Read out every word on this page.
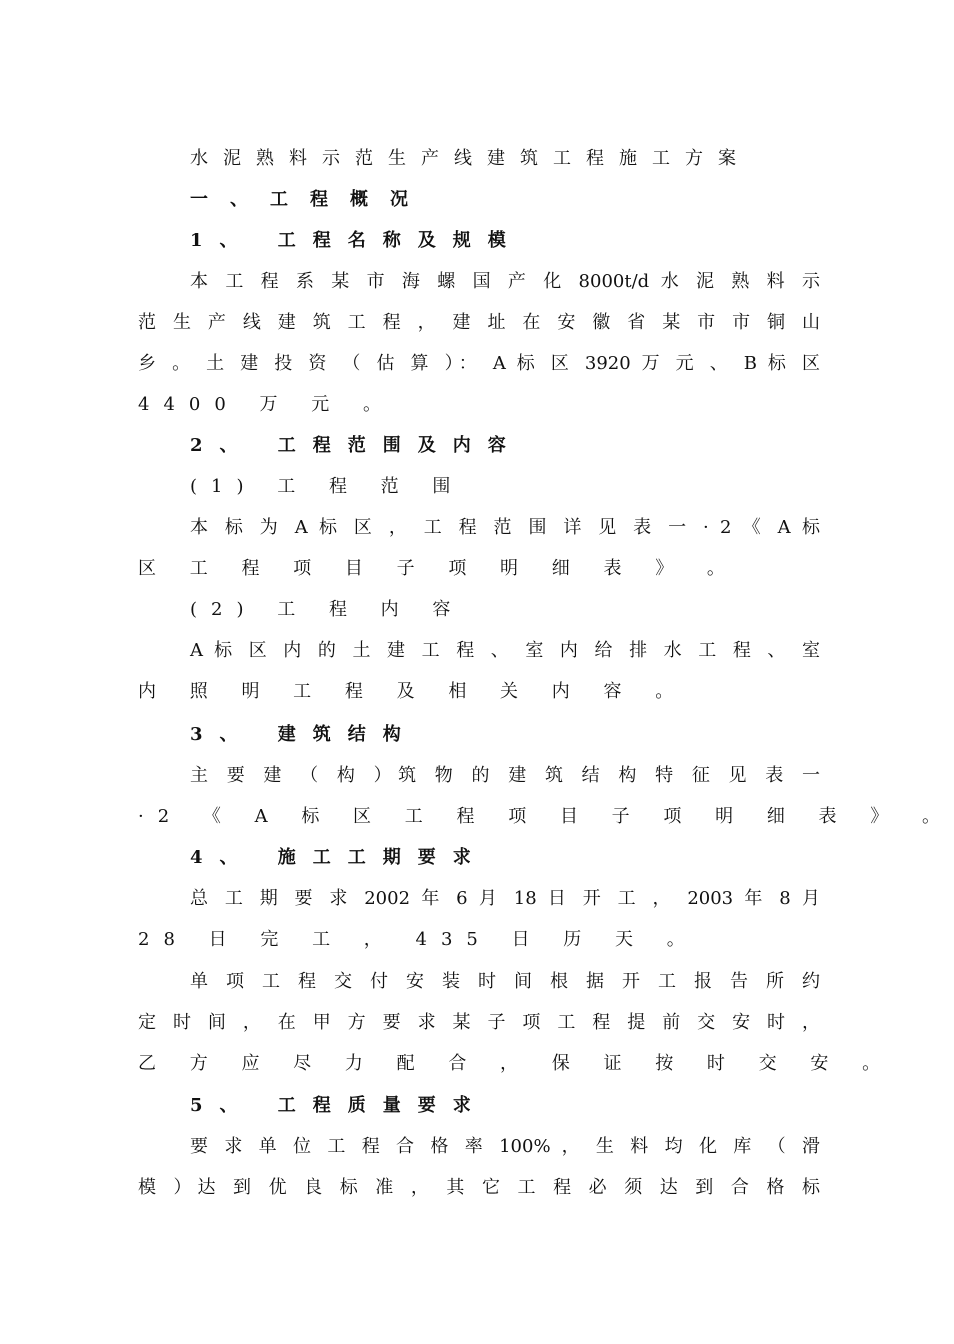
水泥熟料示范生产线建筑工程施工方案
一、工程概况
1、 工程名称及规模
本 工 程 系 某 市 海 螺 国 产 化 8000t/d 水 泥 熟 料 示
范 生 产 线 建 筑 工 程 ， 建 址 在 安 徽 省 某 市 市 铜 山
乡 。 土 建 投 资 （ 估 算 ）： A 标 区 3920 万 元 、 B 标 区
4400 万 元 。
2、 工程范围及内容
(1) 工 程 范 围
本 标 为 A 标 区 ， 工 程 范 围 详 见 表 一 · 2 《 A 标
区 工 程 项 目 子 项 明 细 表 》 。
(2) 工 程 内 容
A 标 区 内 的 土 建 工 程 、 室 内 给 排 水 工 程 、 室
内 照 明 工 程 及 相 关 内 容 。
3、 建筑结构
主 要 建 （ 构 ）筑 物 的 建 筑 结 构 特 征 见 表 一
·2 《 A 标 区 工 程 项 目 子 项 明 细 表 》 。
4、 施工工期要求
总 工 期 要 求 2002 年 6 月 18 日 开 工 ， 2003 年 8 月
28 日 完 工 ， 435 日 历 天 。
单 项 工 程 交 付 安 装 时 间 根 据 开 工 报 告 所 约
定 时 间 ， 在 甲 方 要 求 某 子 项 工 程 提 前 交 安 时 ，
乙 方 应 尽 力 配 合 ， 保 证 按 时 交 安 。
5、 工程质量要求
要 求 单 位 工 程 合 格 率 100% ， 生 料 均 化 库 （ 滑
模 ）达 到 优 良 标 准 ， 其 它 工 程 必 须 达 到 合 格 标
